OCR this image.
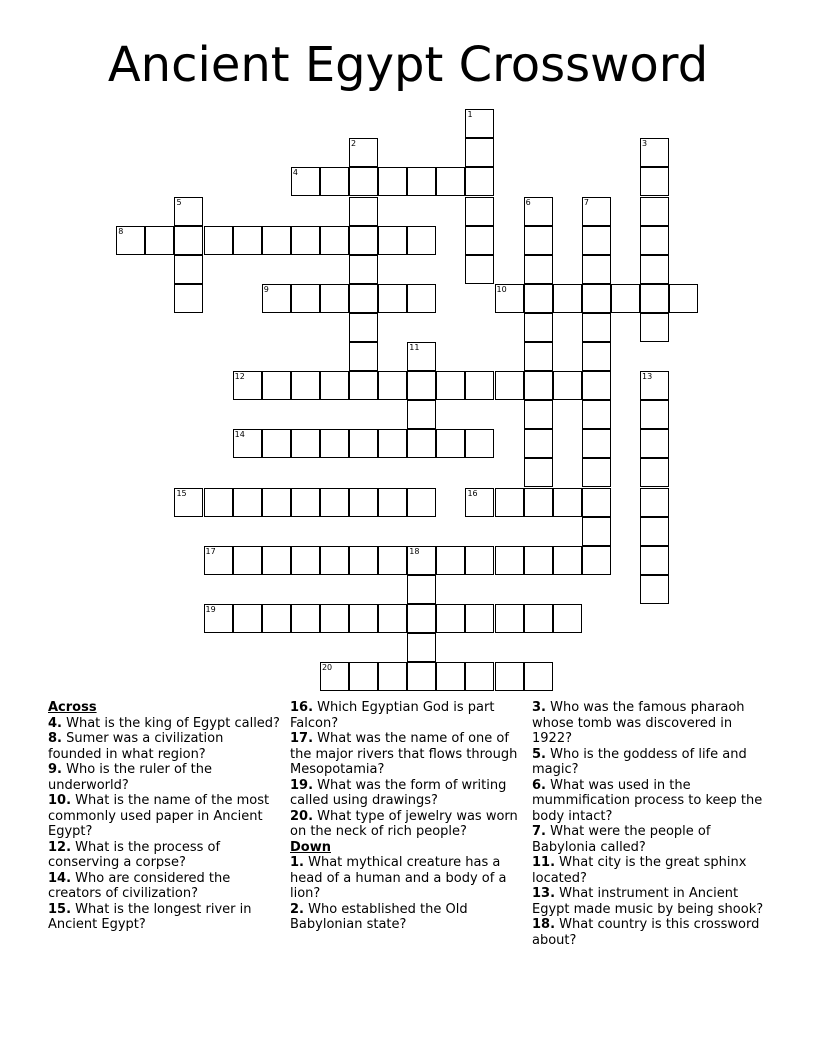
Ancient Egypt Crossword
1
2	3
4
5	6	7
8
9	10
11
12	13
14
15	16
17	18
19
20
Across
4. What is the king of Egypt called?
8. Sumer was a civilization founded in what region?
9. Who is the ruler of the underworld?
10. What is the name of the most commonly used paper in Ancient Egypt?
12. What is the process of conserving a corpse?
14. Who are considered the creators of civilization?
15. What is the longest river in Ancient Egypt?
16. Which Egyptian God is part Falcon?
17. What was the name of one of the major rivers that flows through Mesopotamia?
19. What was the form of writing called using drawings?
20. What type of jewelry was worn on the neck of rich people?
Down
1. What mythical creature has a head of a human and a body of a lion?
2. Who established the Old Babylonian state?
3. Who was the famous pharaoh whose tomb was discovered in 1922?
5. Who is the goddess of life and magic?
6. What was used in the mummification process to keep the body intact?
7. What were the people of Babylonia called?
11. What city is the great sphinx located?
13. What instrument in Ancient Egypt made music by being shook?
18. What country is this crossword about?
